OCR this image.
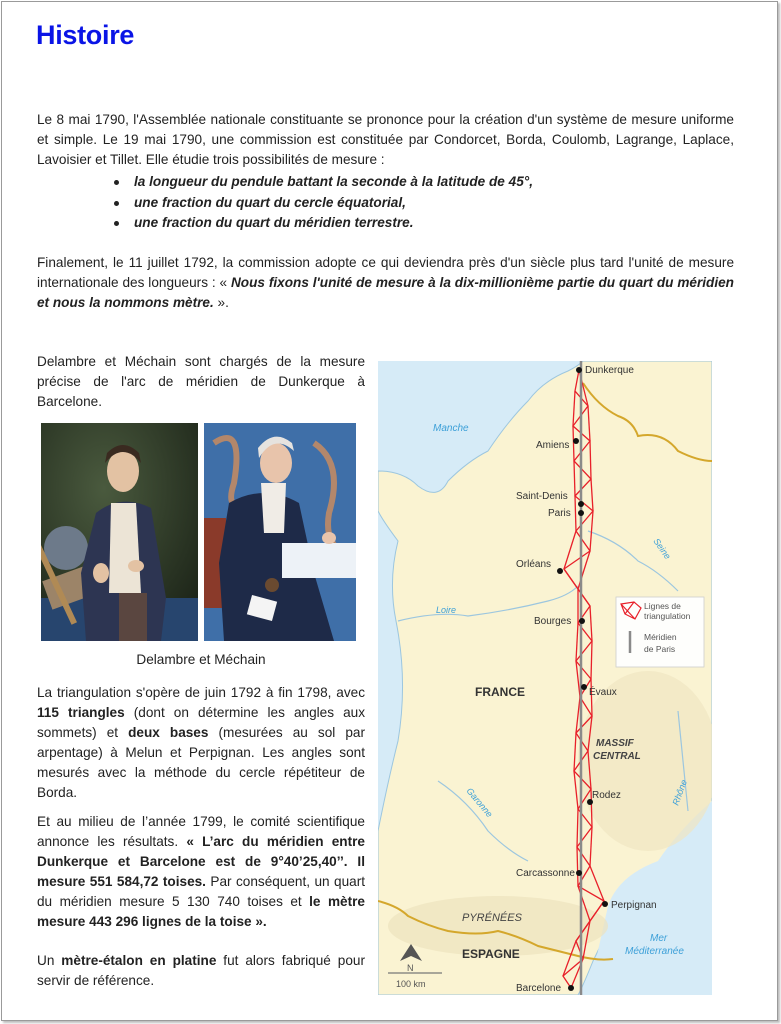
Histoire
Le 8 mai 1790, l'Assemblée nationale constituante se prononce pour la création d'un système de mesure uniforme et simple. Le 19 mai 1790, une commission est constituée par Condorcet, Borda, Coulomb, Lagrange, Laplace, Lavoisier et Tillet. Elle étudie trois possibilités de mesure :
la longueur du pendule battant la seconde à la latitude de 45°,
une fraction du quart du cercle équatorial,
une fraction du quart du méridien terrestre.
Finalement, le 11 juillet 1792, la commission adopte ce qui deviendra près d'un siècle plus tard l'unité de mesure internationale des longueurs : « Nous fixons l'unité de mesure à la dix-millionième partie du quart du méridien et nous la nommons mètre. ».
Delambre et Méchain sont chargés de la mesure précise de l'arc de méridien de Dunkerque à Barcelone.
Delambre et Méchain
La triangulation s'opère de juin 1792 à fin 1798, avec 115 triangles (dont on détermine les angles aux sommets) et deux bases (mesurées au sol par arpentage) à Melun et Perpignan. Les angles sont mesurés avec la méthode du cercle répétiteur de Borda.
Et au milieu de l’année 1799, le comité scientifique annonce les résultats. « L’arc du méridien entre Dunkerque et Barcelone est de 9°40’25,40’’. Il mesure 551 584,72 toises. Par conséquent, un quart du méridien mesure 5 130 740 toises et le mètre mesure 443 296 lignes de la toise ».
Un mètre-étalon en platine fut alors fabriqué pour servir de référence.
Dunkerque
Amiens
Saint-Denis
Paris
Orléans
Bourges
Évaux
Rodez
Carcassonne
Perpignan
Barcelone
Manche
Loire
Seine
Garonne	Rhône
Mer
Méditerranée
FRANCE
MASSIF
CENTRAL
PYRÉNÉES
ESPAGNE
Lignes de
triangulation
Méridien
de Paris
N
100 km
